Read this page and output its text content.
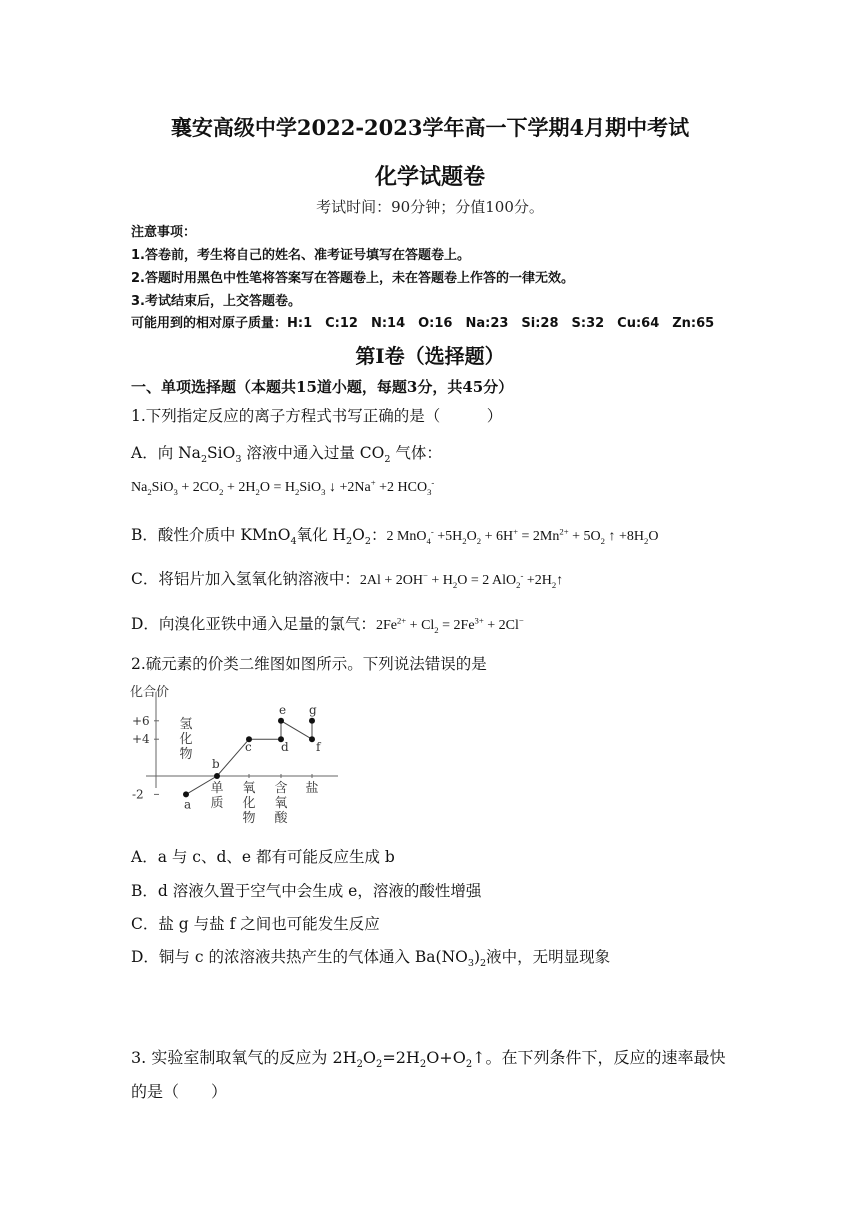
襄安高级中学2022-2023学年高一下学期4月期中考试
化学试题卷
考试时间：90分钟；分值100分。
注意事项：
1.答卷前，考生将自己的姓名、准考证号填写在答题卷上。
2.答题时用黑色中性笔将答案写在答题卷上，未在答题卷上作答的一律无效。
3.考试结束后，上交答题卷。
可能用到的相对原子质量：H:1　C:12　N:14　O:16　Na:23　Si:28　S:32　Cu:64　Zn:65
第I卷（选择题）
一、单项选择题（本题共15道小题，每题3分，共45分）
1.下列指定反应的离子方程式书写正确的是（　　　）
A．向 $Na_2SiO_3$ 溶液中通入过量 $CO_2$ 气体：
$Na_2SiO_3 + 2CO_2 + 2H_2O = H_2SiO_3$ ↓ +2Na+ +2 $HCO_3^-$
B．酸性介质中 KMnO$_4$氧化 $H_2O_2$：2 $MnO_4^- +5H_2O_2 + 6H^+ = 2Mn^{2+} + 5O_2$ ↑ $+8H_2O$
C．将铝片加入氢氧化钠溶液中：$2Al + 2OH^- + H_2O = 2$ $AlO_2^- +2H_2↑$
D．向溴化亚铁中通入足量的氯气：$2Fe^{2+} + Cl_2 = 2Fe^{3+} + 2Cl^-$
2.硫元素的价类二维图如图所示。下列说法错误的是
化合价
+6
+4
-2
氢
化
物
单
质
氧
化
物
含
氧
酸
盐
a
b
c d
e
f
g
A．a 与 c、d、e 都有可能反应生成 b
B．d 溶液久置于空气中会生成 e，溶液的酸性增强
C．盐 g 与盐 f 之间也可能发生反应
D．铜与 c 的浓溶液共热产生的气体通入 $Ba(NO_3)_2$液中，无明显现象
3. 实验室制取氧气的反应为 $2H_2O_2=2H_2O+O_2↑$。在下列条件下，反应的速率最快
的是（　　）
